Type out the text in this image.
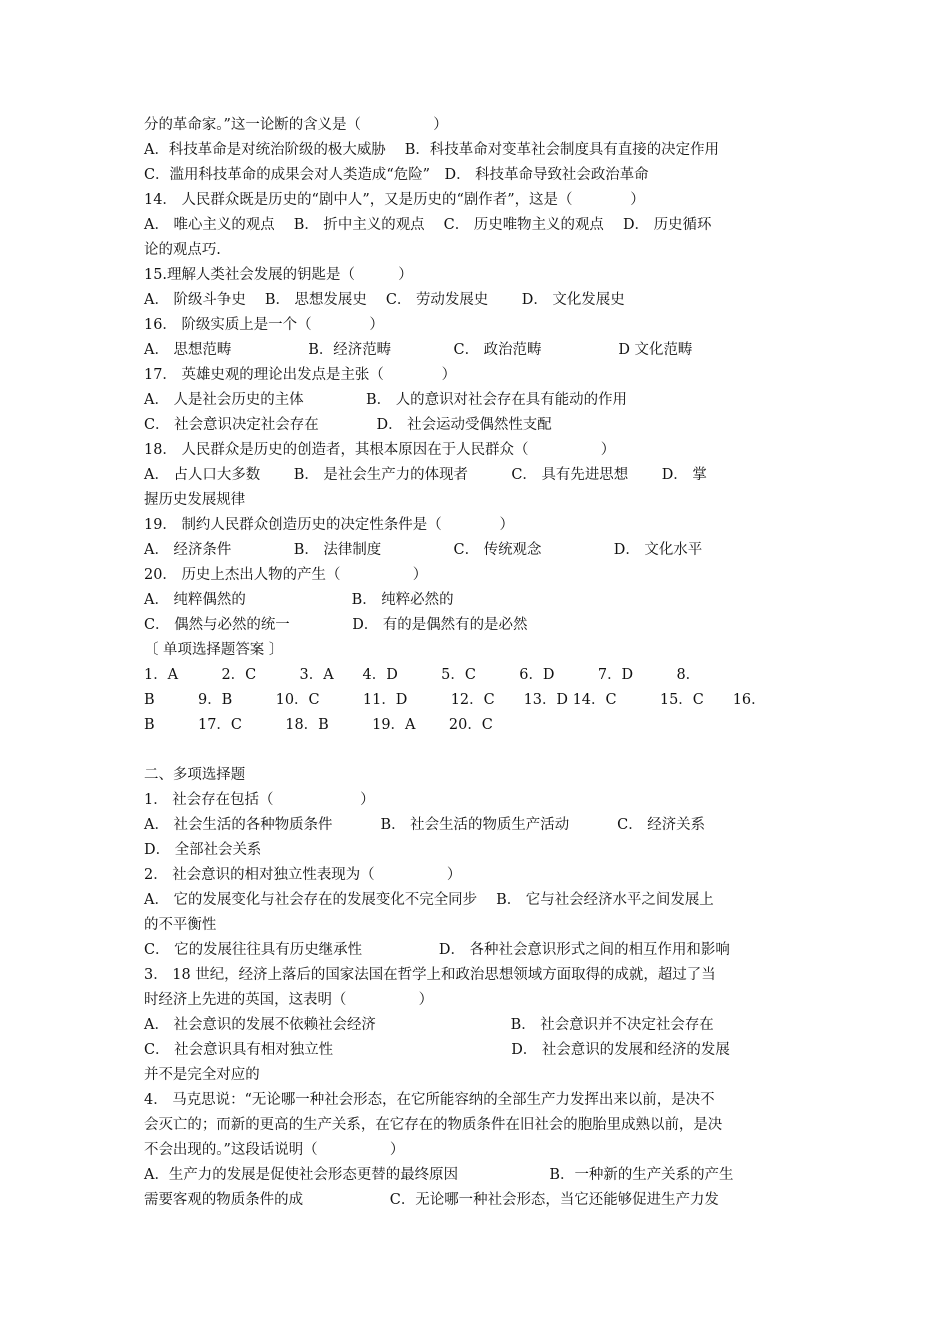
分的革命家。”这一论断的含义是（　　　　　）
A．科技革命是对统治阶级的极大威胁　 B．科技革命对变革社会制度具有直接的决定作用
C．滥用科技革命的成果会对人类造成“危险”　D． 科技革命导致社会政治革命
14． 人民群众既是历史的“剧中人”，又是历史的“剧作者”，这是（　　　　）
A． 唯心主义的观点　 B． 折中主义的观点　 C． 历史唯物主义的观点　 D． 历史循环
论的观点巧.
15.理解人类社会发展的钥匙是（　　　）
A． 阶级斗争史　 B． 思想发展史　 C． 劳动发展史　　 D． 文化发展史
16． 阶级实质上是一个（　　　　）
A． 思想范畴　　　　　 B．经济范畴　　　　 C． 政治范畴　　　　　 D 文化范畴
17． 英雄史观的理论出发点是主张（　　　　）
A． 人是社会历史的主体　　　　 B． 人的意识对社会存在具有能动的作用
C． 社会意识决定社会存在　　　　D． 社会运动受偶然性支配
18． 人民群众是历史的创造者，其根本原因在于人民群众（　　　　　）
A． 占人口大多数　　 B． 是社会生产力的体现者　　　C． 具有先进思想　　 D． 掌
握历史发展规律
19． 制约人民群众创造历史的决定性条件是（　　　　）
A． 经济条件　　　　 B． 法律制度　　　　　C． 传统观念　　　　　D． 文化水平
20． 历史上杰出人物的产生（　　　　　）
A． 纯粹偶然的　　　　　　　 B． 纯粹必然的
C． 偶然与必然的统一　　　　 D． 有的是偶然有的是必然
〔 单项选择题答案 〕
1．A　　　2．C　　　3．A　　4．D　　　5．C　　　6．D　　　7．D　　　8．
B　　　9．B　　　10．C　　　11．D　　　12．C　　13．D 14．C　　　15．C　　16．
B　　　17．C　　　18．B　　　19．A　　 20．C
二、多项选择题
1． 社会存在包括（　　　　　　）
A． 社会生活的各种物质条件　　　 B． 社会生活的物质生产活动　　　 C． 经济关系
D． 全部社会关系
2． 社会意识的相对独立性表现为（　　　　　）
A． 它的发展变化与社会存在的发展变化不完全同步　 B． 它与社会经济水平之间发展上
的不平衡性
C． 它的发展往往具有历史继承性　　　　　 D． 各种社会意识形式之间的相互作用和影响
3． 18 世纪，经济上落后的国家法国在哲学上和政治思想领域方面取得的成就，超过了当
时经济上先进的英国，这表明（　　　　　）
A． 社会意识的发展不依赖社会经济　　　　　　　　　 B． 社会意识并不决定社会存在
C． 社会意识具有相对独立性　　　　　　　　　　　　 D． 社会意识的发展和经济的发展
并不是完全对应的
4． 马克思说：“无论哪一种社会形态，在它所能容纳的全部生产力发挥出来以前，是决不
会灭亡的；而新的更高的生产关系，在它存在的物质条件在旧社会的胞胎里成熟以前，是决
不会出现的。”这段话说明（　　　　　）
A．生产力的发展是促使社会形态更替的最终原因　　　　　　 B．一种新的生产关系的产生
需要客观的物质条件的成　　　　　　C．无论哪一种社会形态，当它还能够促进生产力发
